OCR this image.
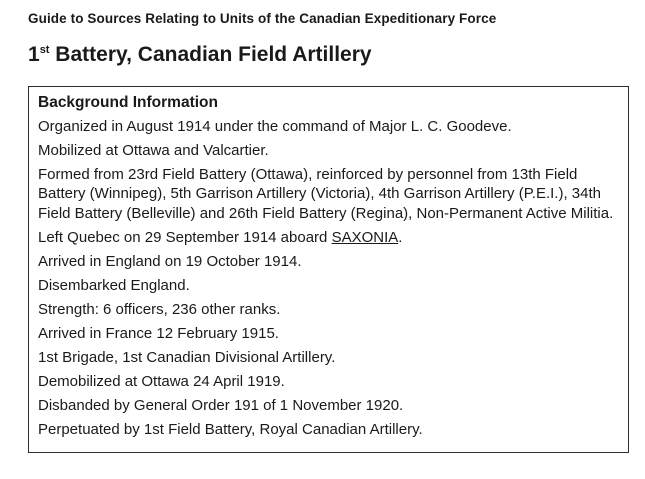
Guide to Sources Relating to Units of the Canadian Expeditionary Force
1st Battery, Canadian Field Artillery
Background Information

Organized in August 1914 under the command of Major L. C. Goodeve.

Mobilized at Ottawa and Valcartier.

Formed from 23rd Field Battery (Ottawa), reinforced by personnel from 13th Field Battery (Winnipeg), 5th Garrison Artillery (Victoria), 4th Garrison Artillery (P.E.I.), 34th Field Battery (Belleville) and 26th Field Battery (Regina), Non-Permanent Active Militia.

Left Quebec on 29 September 1914 aboard SAXONIA.

Arrived in England on 19 October 1914.

Disembarked England.

Strength: 6 officers, 236 other ranks.

Arrived in France 12 February 1915.

1st Brigade, 1st Canadian Divisional Artillery.

Demobilized at Ottawa 24 April 1919.

Disbanded by General Order 191 of 1 November 1920.

Perpetuated by 1st Field Battery, Royal Canadian Artillery.
